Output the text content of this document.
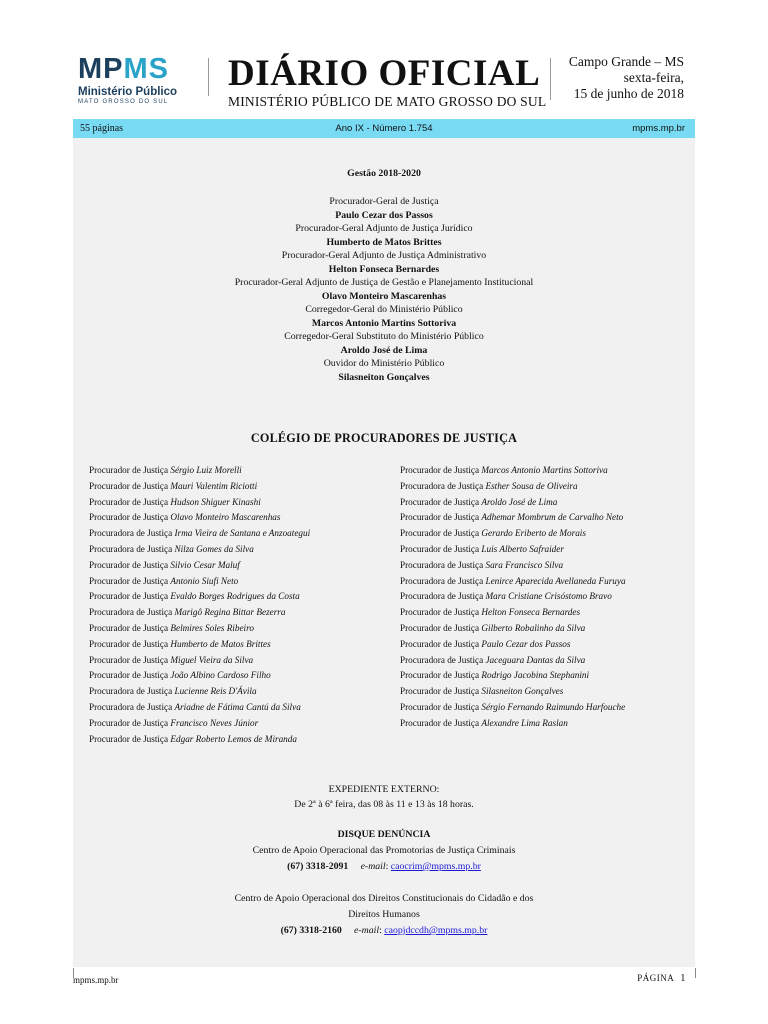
MPMS
Ministério Público
MATO GROSSO DO SUL
DIÁRIO OFICIAL
MINISTÉRIO PÚBLICO DE MATO GROSSO DO SUL
Campo Grande – MS
sexta-feira,
15 de junho de 2018
Ano IX - Número 1.754
55 páginas	mpms.mp.br
Gestão 2018-2020
Procurador-Geral de Justiça
Paulo Cezar dos Passos
Procurador-Geral Adjunto de Justiça Jurídico
Humberto de Matos Brittes
Procurador-Geral Adjunto de Justiça Administrativo
Helton Fonseca Bernardes
Procurador-Geral Adjunto de Justiça de Gestão e Planejamento Institucional
Olavo Monteiro Mascarenhas
Corregedor-Geral do Ministério Público
Marcos Antonio Martins Sottoriva
Corregedor-Geral Substituto do Ministério Público
Aroldo José de Lima
Ouvidor do Ministério Público
Silasneiton Gonçalves
COLÉGIO DE PROCURADORES DE JUSTIÇA
Procurador de Justiça Sérgio Luiz Morelli
Procurador de Justiça Mauri Valentim Riciotti
Procurador de Justiça Hudson Shiguer Kinashi
Procurador de Justiça Olavo Monteiro Mascarenhas
Procuradora de Justiça Irma Vieira de Santana e Anzoategui
Procuradora de Justiça Nilza Gomes da Silva
Procurador de Justiça Silvio Cesar Maluf
Procurador de Justiça Antonio Siufi Neto
Procurador de Justiça Evaldo Borges Rodrigues da Costa
Procuradora de Justiça Marigô Regina Bittar Bezerra
Procurador de Justiça Belmires Soles Ribeiro
Procurador de Justiça Humberto de Matos Brittes
Procurador de Justiça Miguel Vieira da Silva
Procurador de Justiça João Albino Cardoso Filho
Procuradora de Justiça Lucienne Reis D'Ávila
Procuradora de Justiça Ariadne de Fátima Cantú da Silva
Procurador de Justiça Francisco Neves Júnior
Procurador de Justiça Edgar Roberto Lemos de Miranda
Procurador de Justiça Marcos Antonio Martins Sottoriva
Procuradora de Justiça Esther Sousa de Oliveira
Procurador de Justiça Aroldo José de Lima
Procurador de Justiça Adhemar Mombrum de Carvalho Neto
Procurador de Justiça Gerardo Eriberto de Morais
Procurador de Justiça Luis Alberto Safraider
Procuradora de Justiça Sara Francisco Silva
Procuradora de Justiça Lenirce Aparecida Avellaneda Furuya
Procuradora de Justiça Mara Cristiane Crisóstomo Bravo
Procurador de Justiça Helton Fonseca Bernardes
Procurador de Justiça Gilberto Robalinho da Silva
Procurador de Justiça Paulo Cezar dos Passos
Procuradora de Justiça Jaceguara Dantas da Silva
Procurador de Justiça Rodrigo Jacobina Stephanini
Procurador de Justiça Silasneiton Gonçalves
Procurador de Justiça Sérgio Fernando Raimundo Harfouche
Procurador de Justiça Alexandre Lima Raslan
EXPEDIENTE EXTERNO:
De 2ª à 6ª feira, das 08 às 11 e 13 às 18 horas.
DISQUE DENÚNCIA
Centro de Apoio Operacional das Promotorias de Justiça Criminais
(67) 3318-2091 e-mail: caocrim@mpms.mp.br
Centro de Apoio Operacional dos Direitos Constitucionais do Cidadão e dos
Direitos Humanos
(67) 3318-2160 e-mail: caopjdccdh@mpms.mp.br
mpms.mp.br	PÁGINA 1
